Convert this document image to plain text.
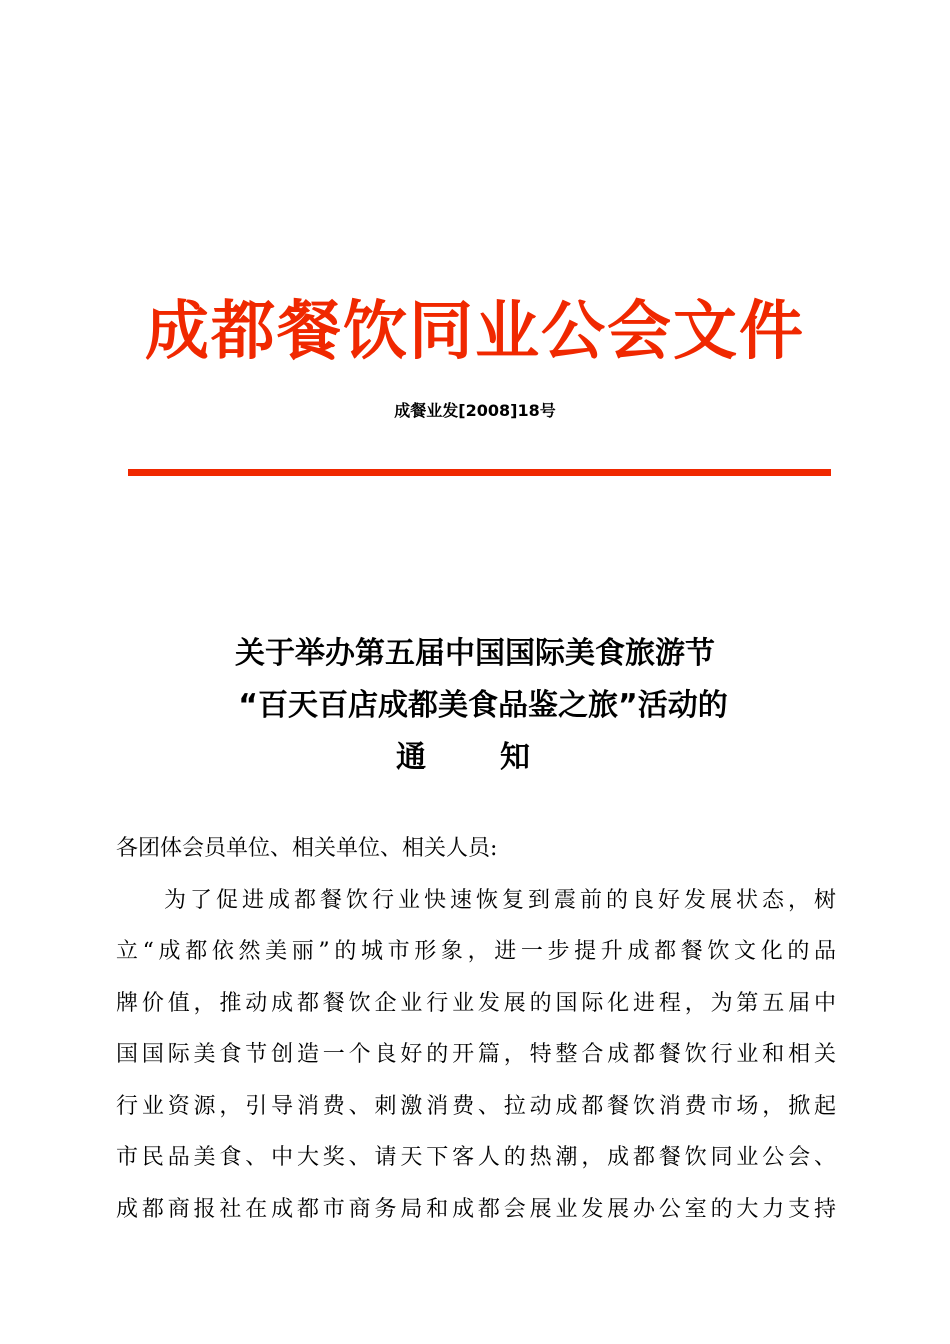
成都餐饮同业公会文件
成餐业发[2008]18号
关于举办第五届中国国际美食旅游节
“百天百店成都美食品鉴之旅”活动的
通知
各团体会员单位、相关单位、相关人员:
为了促进成都餐饮行业快速恢复到震前的良好发展状态，树
立“成都依然美丽”的城市形象，进一步提升成都餐饮文化的品
牌价值，推动成都餐饮企业行业发展的国际化进程，为第五届中
国国际美食节创造一个良好的开篇，特整合成都餐饮行业和相关
行业资源，引导消费、刺激消费、拉动成都餐饮消费市场，掀起
市民品美食、中大奖、请天下客人的热潮，成都餐饮同业公会、
成都商报社在成都市商务局和成都会展业发展办公室的大力支持
